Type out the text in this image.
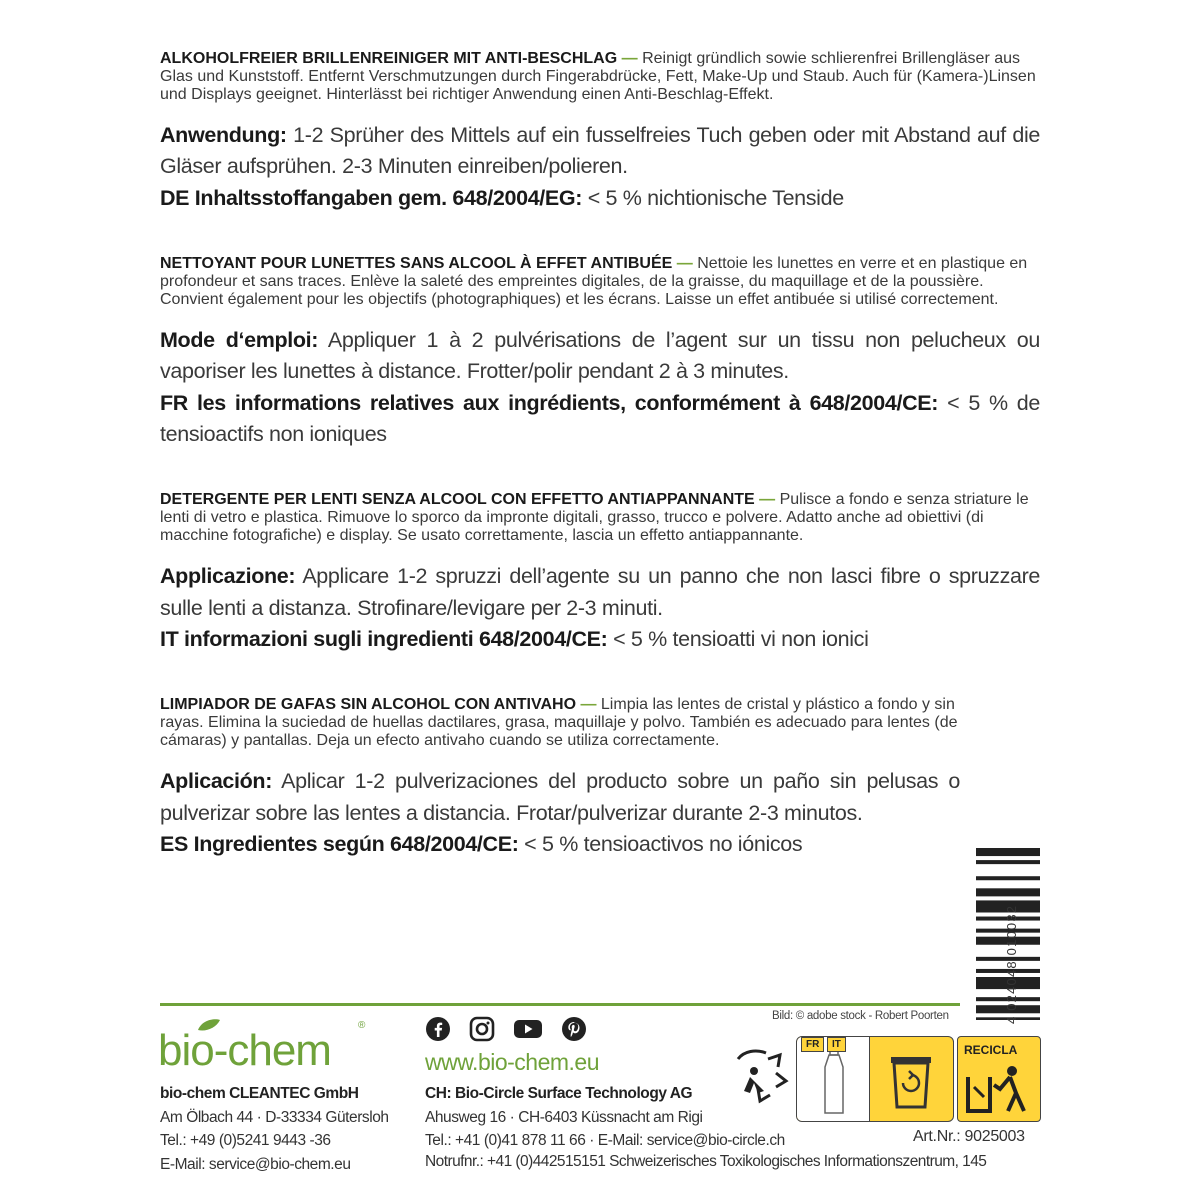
ALKOHOLFREIER BRILLENREINIGER MIT ANTI-BESCHLAG — Reinigt gründlich sowie schlierenfrei Brillengläser aus Glas und Kunststoff. Entfernt Verschmutzungen durch Fingerabdrücke, Fett, Make-Up und Staub. Auch für (Kamera-)Linsen und Displays geeignet. Hinterlässt bei richtiger Anwendung einen Anti-Beschlag-Effekt.

Anwendung: 1-2 Sprüher des Mittels auf ein fusselfreies Tuch geben oder mit Abstand auf die Gläser aufsprühen. 2-3 Minuten einreiben/polieren.

DE Inhaltsstoffangaben gem. 648/2004/EG: < 5 % nichtionische Tenside

NETTOYANT POUR LUNETTES SANS ALCOOL À EFFET ANTIBUÉE — Nettoie les lunettes en verre et en plastique en profondeur et sans traces. Enlève la saleté des empreintes digitales, de la graisse, du maquillage et de la poussière. Convient également pour les objectifs (photographiques) et les écrans. Laisse un effet antibuée si utilisé correctement.

Mode d‘emploi: Appliquer 1 à 2 pulvérisations de l’agent sur un tissu non pelucheux ou vaporiser les lunettes à distance. Frotter/polir pendant 2 à 3 minutes.

FR les informations relatives aux ingrédients, conformément à 648/2004/CE: < 5 % de tensioactifs non ioniques

DETERGENTE PER LENTI SENZA ALCOOL CON EFFETTO ANTIAPPANNANTE — Pulisce a fondo e senza striature le lenti di vetro e plastica. Rimuove lo sporco da impronte digitali, grasso, trucco e polvere. Adatto anche ad obiettivi (di macchine fotografiche) e display. Se usato correttamente, lascia un effetto antiappannante.

Applicazione: Applicare 1-2 spruzzi dell’agente su un panno che non lasci fibre o spruzzare sulle lenti a distanza. Strofinare/levigare per 2-3 minuti.

IT informazioni sugli ingredienti 648/2004/CE: < 5 % tensioatti vi non ionici

LIMPIADOR DE GAFAS SIN ALCOHOL CON ANTIVAHO — Limpia las lentes de cristal y plástico a fondo y sin rayas. Elimina la suciedad de huellas dactilares, grasa, maquillaje y polvo. También es adecuado para lentes (de cámaras) y pantallas. Deja un efecto antivaho cuando se utiliza correctamente.

Aplicación: Aplicar 1-2 pulverizaciones del producto sobre un paño sin pelusas o pulverizar sobre las lentes a distancia. Frotar/pulverizar durante 2-3 minutos.

ES Ingredientes según 648/2004/CE: < 5 % tensioactivos no iónicos

4 024048 010032
Bild: © adobe stock - Robert Poorten
bio-chem
®
bio-chem CLEANTEC GmbH
Am Ölbach 44 · D-33334 Gütersloh
Tel.: +49 (0)5241 9443 -36
E-Mail: service@bio-chem.eu
www.bio-chem.eu
CH: Bio-Circle Surface Technology AG
Ahusweg 16 · CH-6403 Küssnacht am Rigi
Tel.: +41 (0)41 878 11 66 · E-Mail: service@bio-circle.ch
Notrufnr.: +41 (0)442515151 Schweizerisches Toxikologisches Informationszentrum, 145
Art.Nr.: 9025003
FR	IT	RECICLA
